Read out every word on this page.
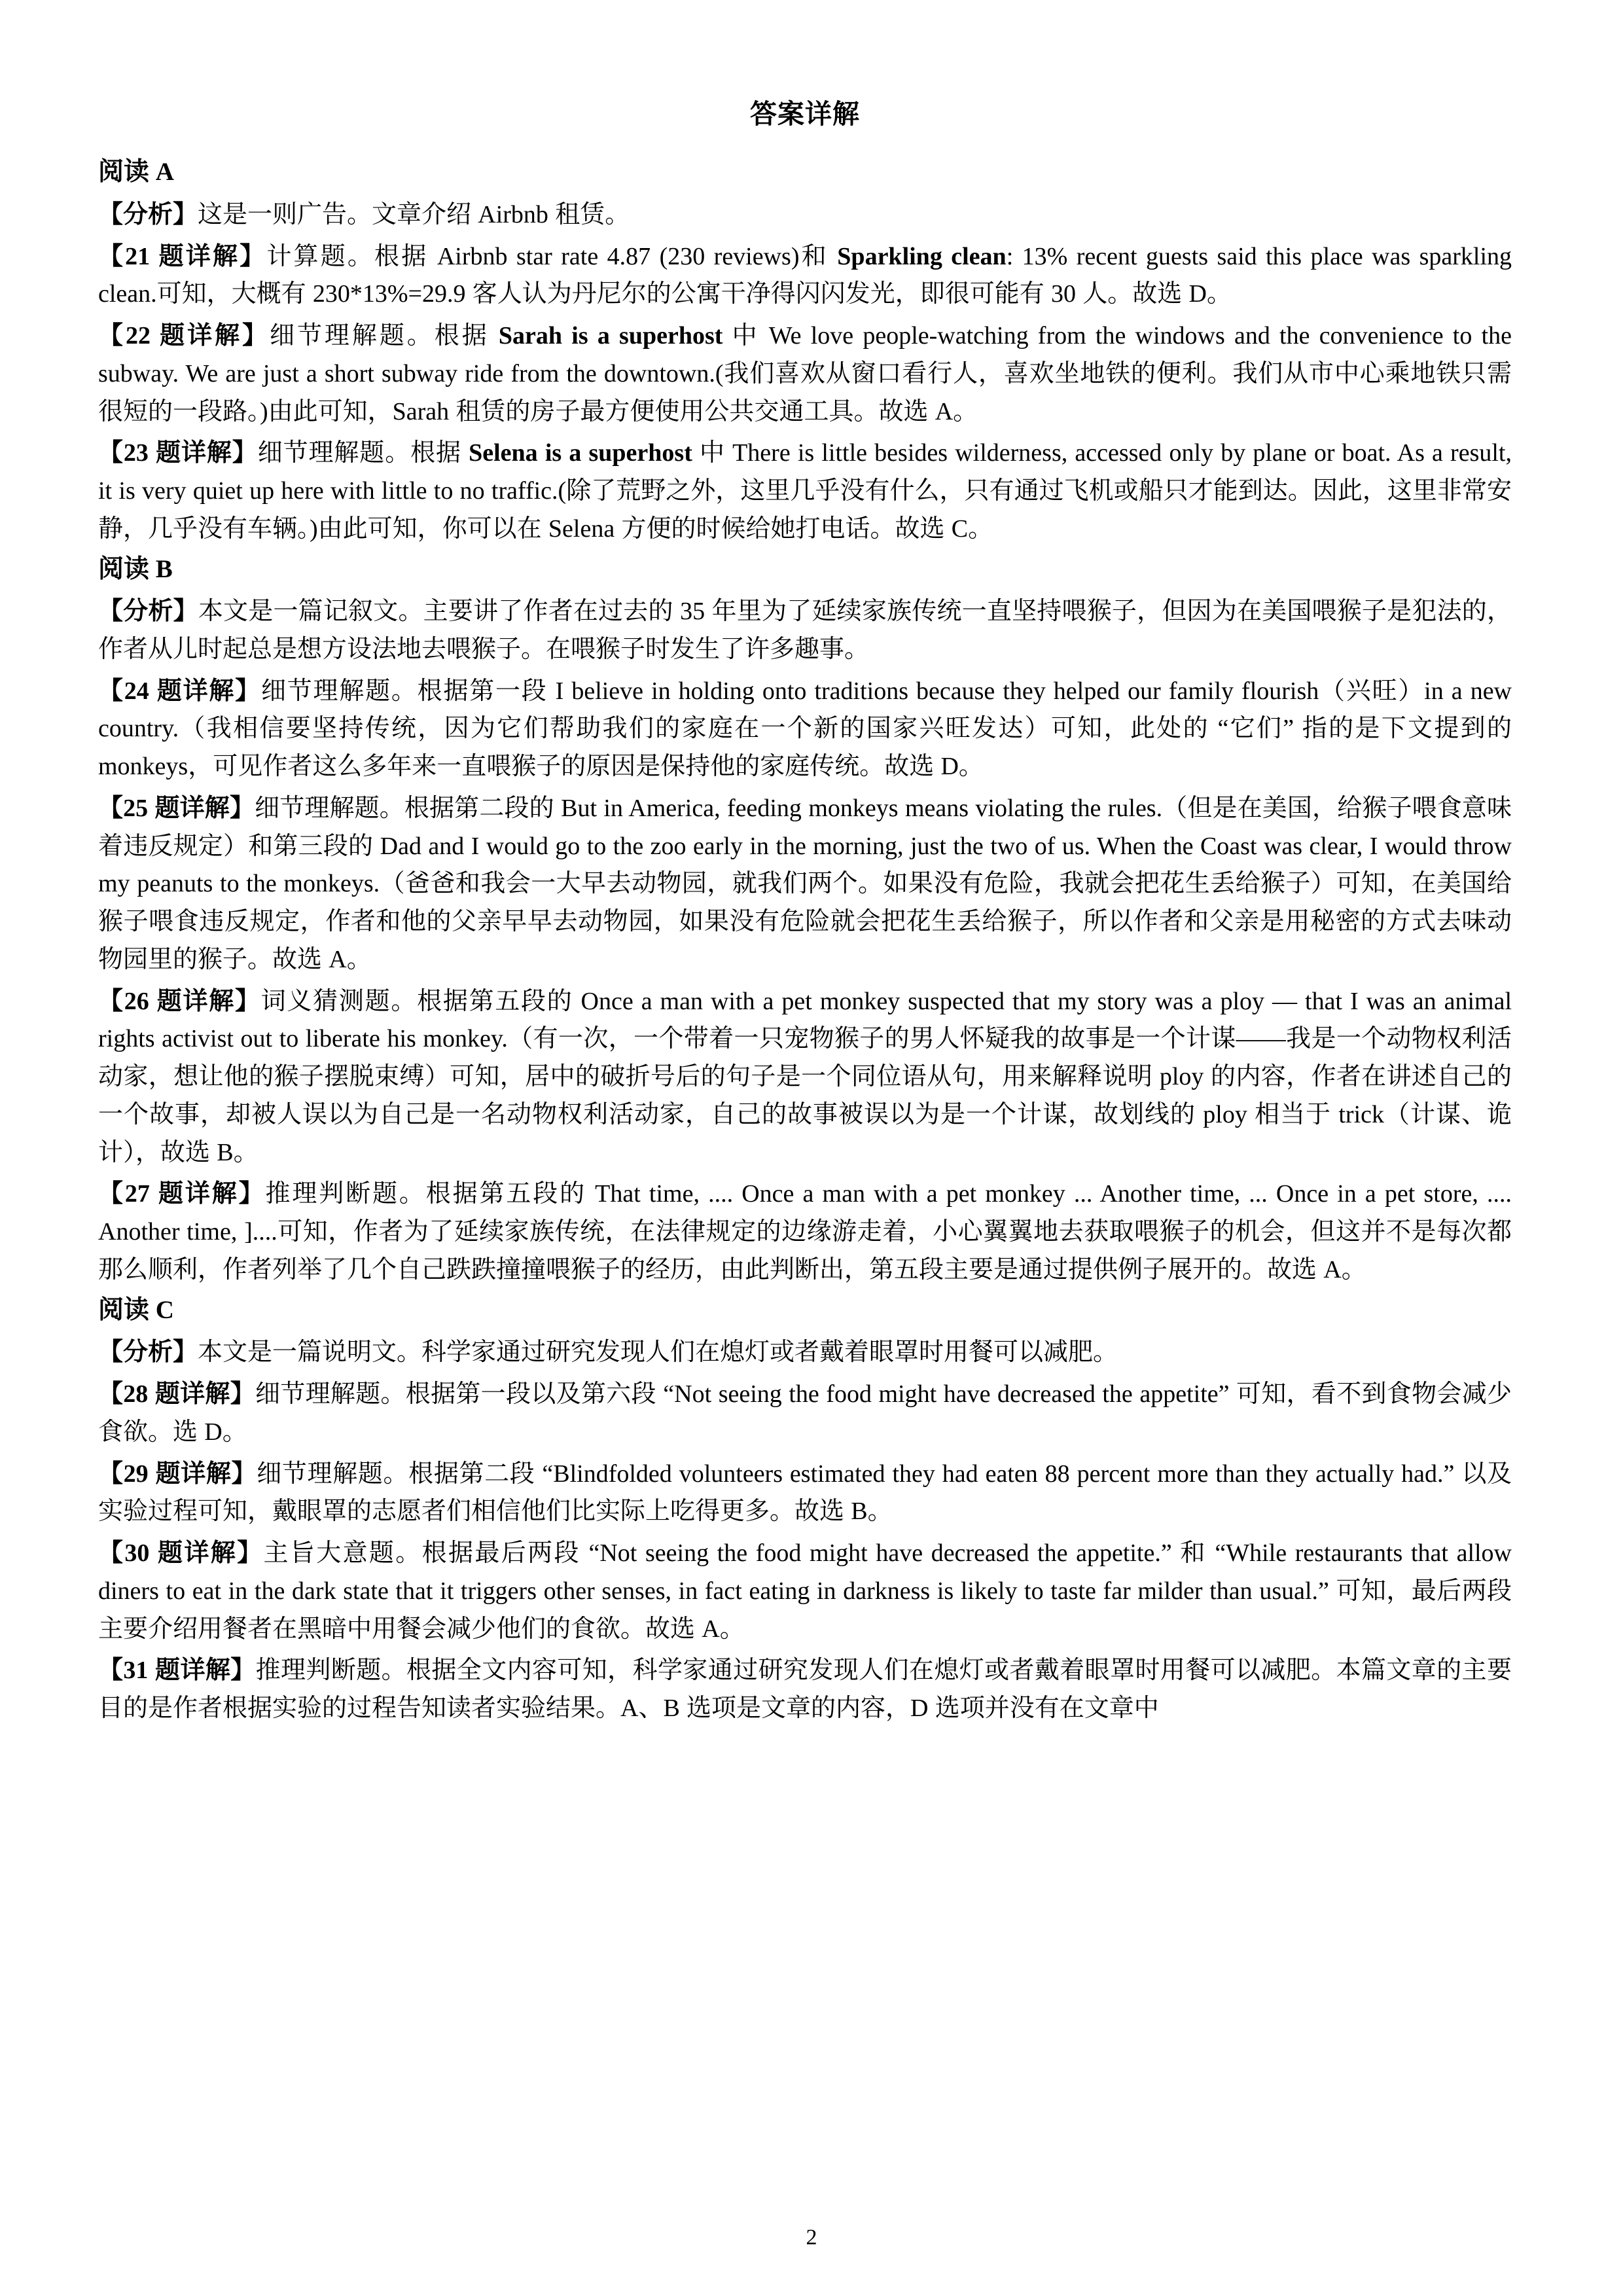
答案详解
阅读 A
【分析】这是一则广告。文章介绍 Airbnb 租赁。
【21 题详解】计算题。根据 Airbnb star rate 4.87 (230 reviews)和 Sparkling clean: 13% recent guests said this place was sparkling clean.可知，大概有 230*13%=29.9 客人认为丹尼尔的公寓干净得闪闪发光，即很可能有 30 人。故选 D。
【22 题详解】细节理解题。根据 Sarah is a superhost 中 We love people-watching from the windows and the convenience to the subway. We are just a short subway ride from the downtown.(我们喜欢从窗口看行人，喜欢坐地铁的便利。我们从市中心乘地铁只需很短的一段路。)由此可知，Sarah 租赁的房子最方便使用公共交通工具。故选 A。
【23 题详解】细节理解题。根据 Selena is a superhost 中 There is little besides wilderness, accessed only by plane or boat. As a result, it is very quiet up here with little to no traffic.(除了荒野之外，这里几乎没有什么，只有通过飞机或船只才能到达。因此，这里非常安静，几乎没有车辆。)由此可知，你可以在 Selena 方便的时候给她打电话。故选 C。
阅读 B
【分析】本文是一篇记叙文。主要讲了作者在过去的 35 年里为了延续家族传统一直坚持喂猴子，但因为在美国喂猴子是犯法的，作者从儿时起总是想方设法地去喂猴子。在喂猴子时发生了许多趣事。
【24 题详解】细节理解题。根据第一段 I believe in holding onto traditions because they helped our family flourish（兴旺）in a new country.（我相信要坚持传统，因为它们帮助我们的家庭在一个新的国家兴旺发达）可知，此处的 “它们” 指的是下文提到的 monkeys，可见作者这么多年来一直喂猴子的原因是保持他的家庭传统。故选 D。
【25 题详解】细节理解题。根据第二段的 But in America, feeding monkeys means violating the rules.（但是在美国，给猴子喂食意味着违反规定）和第三段的 Dad and I would go to the zoo early in the morning, just the two of us. When the Coast was clear, I would throw my peanuts to the monkeys.（爸爸和我会一大早去动物园，就我们两个。如果没有危险，我就会把花生丢给猴子）可知，在美国给猴子喂食违反规定，作者和他的父亲早早去动物园，如果没有危险就会把花生丢给猴子，所以作者和父亲是用秘密的方式去味动物园里的猴子。故选 A。
【26 题详解】词义猜测题。根据第五段的 Once a man with a pet monkey suspected that my story was a ploy — that I was an animal rights activist out to liberate his monkey.（有一次，一个带着一只宠物猴子的男人怀疑我的故事是一个计谋——我是一个动物权利活动家，想让他的猴子摆脱束缚）可知，居中的破折号后的句子是一个同位语从句，用来解释说明 ploy 的内容，作者在讲述自己的一个故事，却被人误以为自己是一名动物权利活动家，自己的故事被误以为是一个计谋，故划线的 ploy 相当于 trick（计谋、诡计），故选 B。
【27 题详解】推理判断题。根据第五段的 That time, .... Once a man with a pet monkey ... Another time, ... Once in a pet store, .... Another time, ]....可知，作者为了延续家族传统，在法律规定的边缘游走着，小心翼翼地去获取喂猴子的机会，但这并不是每次都那么顺利，作者列举了几个自己跌跌撞撞喂猴子的经历，由此判断出，第五段主要是通过提供例子展开的。故选 A。
阅读 C
【分析】本文是一篇说明文。科学家通过研究发现人们在熄灯或者戴着眼罩时用餐可以减肥。
【28 题详解】细节理解题。根据第一段以及第六段 “Not seeing the food might have decreased the appetite” 可知，看不到食物会减少食欲。选 D。
【29 题详解】细节理解题。根据第二段 “Blindfolded volunteers estimated they had eaten 88 percent more than they actually had.” 以及实验过程可知，戴眼罩的志愿者们相信他们比实际上吃得更多。故选 B。
【30 题详解】主旨大意题。根据最后两段 “Not seeing the food might have decreased the appetite.” 和 “While restaurants that allow diners to eat in the dark state that it triggers other senses, in fact eating in darkness is likely to taste far milder than usual.” 可知，最后两段主要介绍用餐者在黑暗中用餐会减少他们的食欲。故选 A。
【31 题详解】推理判断题。根据全文内容可知，科学家通过研究发现人们在熄灯或者戴着眼罩时用餐可以减肥。本篇文章的主要目的是作者根据实验的过程告知读者实验结果。A、B 选项是文章的内容，D 选项并没有在文章中
2
